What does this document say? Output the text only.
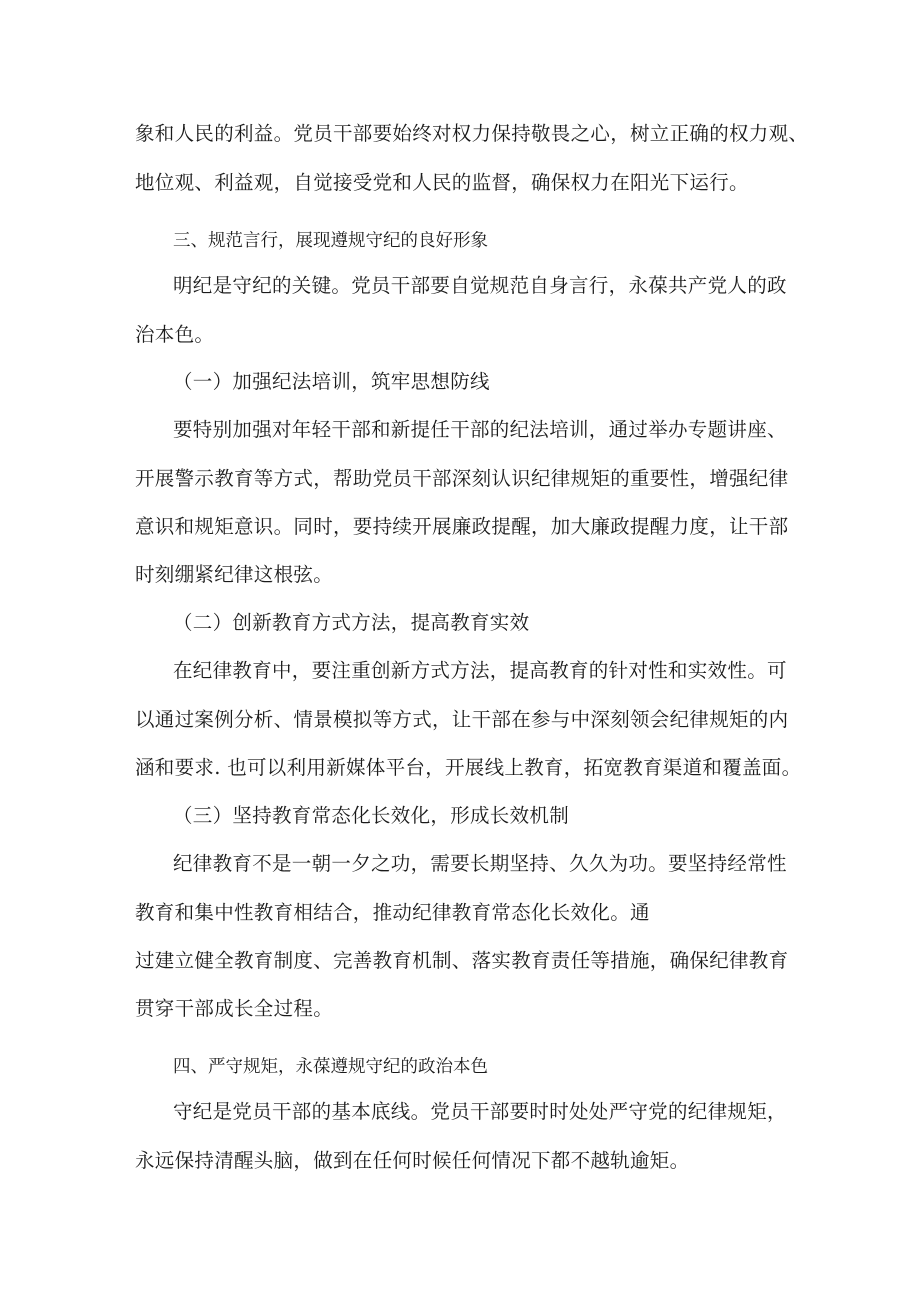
象和人民的利益。党员干部要始终对权力保持敬畏之心，树立正确的权力观、
地位观、利益观，自觉接受党和人民的监督，确保权力在阳光下运行。
三、规范言行，展现遵规守纪的良好形象
明纪是守纪的关键。党员干部要自觉规范自身言行，永葆共产党人的政
治本色。
（一）加强纪法培训，筑牢思想防线
要特别加强对年轻干部和新提任干部的纪法培训，通过举办专题讲座、
开展警示教育等方式，帮助党员干部深刻认识纪律规矩的重要性，增强纪律
意识和规矩意识。同时，要持续开展廉政提醒，加大廉政提醒力度，让干部
时刻绷紧纪律这根弦。
（二）创新教育方式方法，提高教育实效
在纪律教育中，要注重创新方式方法，提高教育的针对性和实效性。可
以通过案例分析、情景模拟等方式，让干部在参与中深刻领会纪律规矩的内
涵和要求. 也可以利用新媒体平台，开展线上教育，拓宽教育渠道和覆盖面。
（三）坚持教育常态化长效化，形成长效机制
纪律教育不是一朝一夕之功，需要长期坚持、久久为功。要坚持经常性
教育和集中性教育相结合，推动纪律教育常态化长效化。通
过建立健全教育制度、完善教育机制、落实教育责任等措施，确保纪律教育
贯穿干部成长全过程。
四、严守规矩，永葆遵规守纪的政治本色
守纪是党员干部的基本底线。党员干部要时时处处严守党的纪律规矩，
永远保持清醒头脑，做到在任何时候任何情况下都不越轨逾矩。
